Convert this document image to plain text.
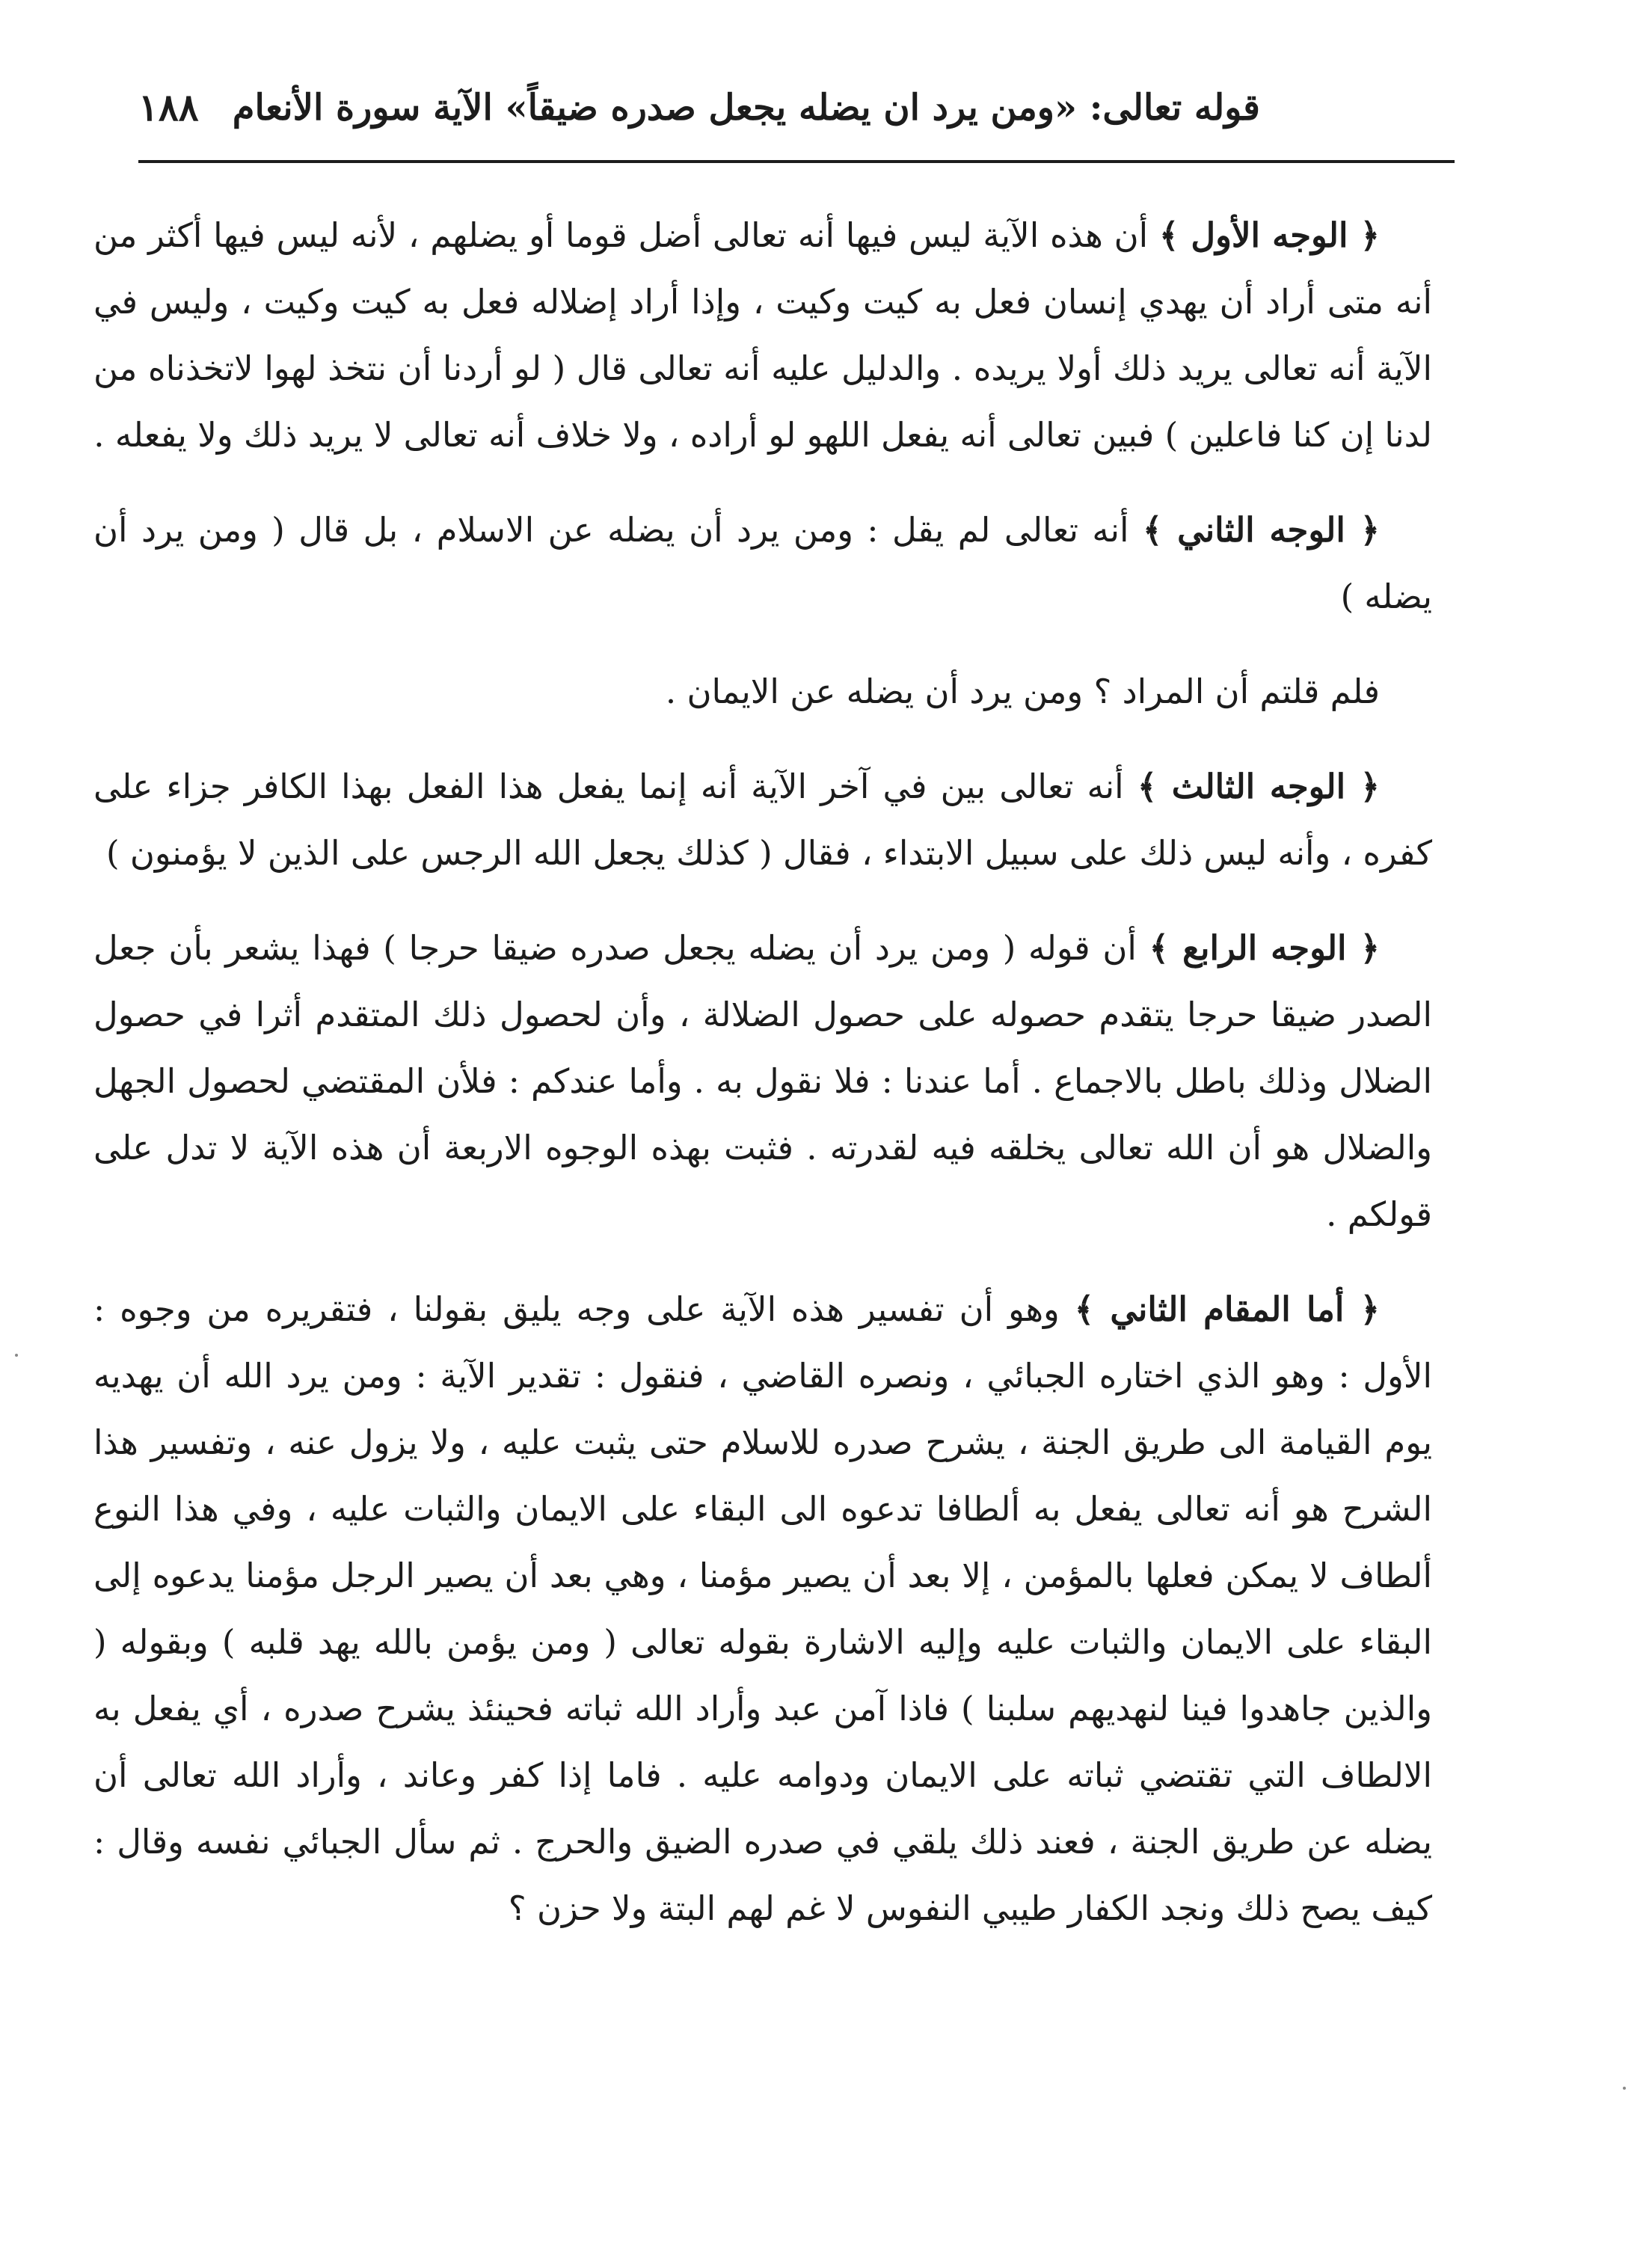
قوله تعالى: «ومن يرد ان يضله يجعل صدره ضيقاً» الآية سورة الأنعام
١٨٨

﴿ الوجه الأول ﴾ أن هذه الآية ليس فيها أنه تعالى أضل قوما أو يضلهم ، لأنه ليس فيها أكثر من أنه متى أراد أن يهدي إنسان فعل به كيت وكيت ، وإذا أراد إضلاله فعل به كيت وكيت ، وليس في الآية أنه تعالى يريد ذلك أولا يريده . والدليل عليه أنه تعالى قال ( لو أردنا أن نتخذ لهوا لاتخذناه من لدنا إن كنا فاعلين ) فبين تعالى أنه يفعل اللهو لو أراده ، ولا خلاف أنه تعالى لا يريد ذلك ولا يفعله .

﴿ الوجه الثاني ﴾ أنه تعالى لم يقل : ومن يرد أن يضله عن الاسلام ، بل قال ( ومن يرد أن يضله )

فلم قلتم أن المراد ؟ ومن يرد أن يضله عن الايمان .

﴿ الوجه الثالث ﴾ أنه تعالى بين في آخر الآية أنه إنما يفعل هذا الفعل بهذا الكافر جزاء على كفره ، وأنه ليس ذلك على سبيل الابتداء ، فقال ( كذلك يجعل الله الرجس على الذين لا يؤمنون )

﴿ الوجه الرابع ﴾ أن قوله ( ومن يرد أن يضله يجعل صدره ضيقا حرجا ) فهذا يشعر بأن جعل الصدر ضيقا حرجا يتقدم حصوله على حصول الضلالة ، وأن لحصول ذلك المتقدم أثرا في حصول الضلال وذلك باطل بالاجماع . أما عندنا : فلا نقول به . وأما عندكم : فلأن المقتضي لحصول الجهل والضلال هو أن الله تعالى يخلقه فيه لقدرته . فثبت بهذه الوجوه الاربعة أن هذه الآية لا تدل على قولكم .

﴿ أما المقام الثاني ﴾ وهو أن تفسير هذه الآية على وجه يليق بقولنا ، فتقريره من وجوه : الأول : وهو الذي اختاره الجبائي ، ونصره القاضي ، فنقول : تقدير الآية : ومن يرد الله أن يهديه يوم القيامة الى طريق الجنة ، يشرح صدره للاسلام حتى يثبت عليه ، ولا يزول عنه ، وتفسير هذا الشرح هو أنه تعالى يفعل به ألطافا تدعوه الى البقاء على الايمان والثبات عليه ، وفي هذا النوع ألطاف لا يمكن فعلها بالمؤمن ، إلا بعد أن يصير مؤمنا ، وهي بعد أن يصير الرجل مؤمنا يدعوه إلى البقاء على الايمان والثبات عليه وإليه الاشارة بقوله تعالى ( ومن يؤمن بالله يهد قلبه ) وبقوله ( والذين جاهدوا فينا لنهديهم سلبنا ) فاذا آمن عبد وأراد الله ثباته فحينئذ يشرح صدره ، أي يفعل به الالطاف التي تقتضي ثباته على الايمان ودوامه عليه . فاما إذا كفر وعاند ، وأراد الله تعالى أن يضله عن طريق الجنة ، فعند ذلك يلقي في صدره الضيق والحرج . ثم سأل الجبائي نفسه وقال : كيف يصح ذلك ونجد الكفار طيبي النفوس لا غم لهم البتة ولا حزن ؟
